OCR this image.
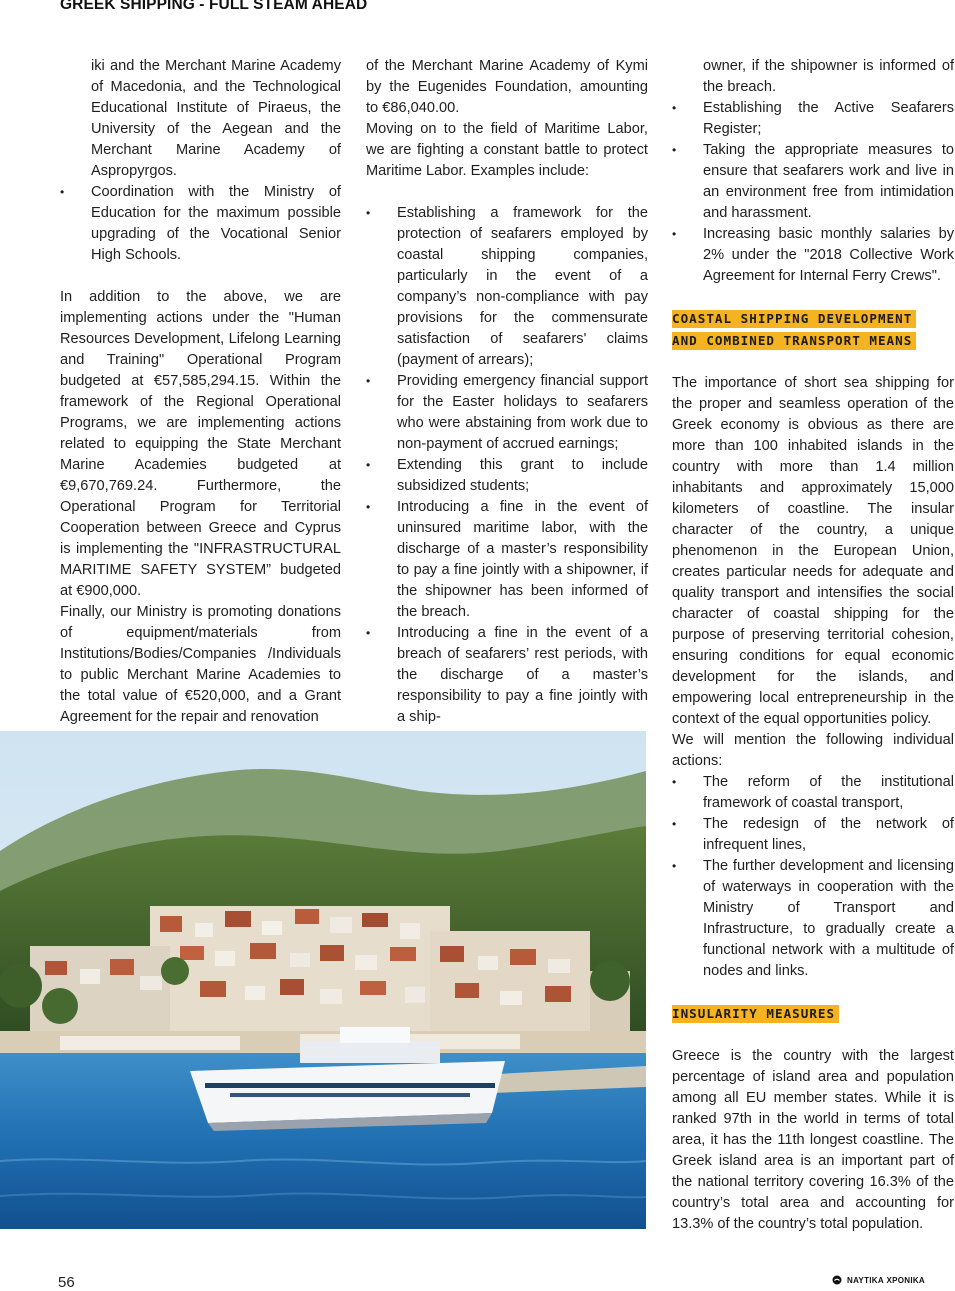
GREEK SHIPPING - FULL STEAM AHEAD

iki and the Merchant Marine Academy of Macedonia, and the Technological Educational Institute of Piraeus, the University of the Aegean and the Merchant Marine Academy of Aspropyrgos.

• Coordination with the Ministry of Education for the maximum possible upgrading of the Vocational Senior High Schools.

In addition to the above, we are implementing actions under the "Human Resources Development, Lifelong Learning and Training" Operational Program budgeted at €57,585,294.15. Within the framework of the Regional Operational Programs, we are implementing actions related to equipping the State Merchant Marine Academies budgeted at €9,670,769.24. Furthermore, the Operational Program for Territorial Cooperation between Greece and Cyprus is implementing the "INFRASTRUCTURAL MARITIME SAFETY SYSTEM” budgeted at €900,000.

Finally, our Ministry is promoting donations of equipment/materials from Institutions/Bodies/Companies /Individuals to public Merchant Marine Academies to the total value of €520,000, and a Grant Agreement for the repair and renovation

of the Merchant Marine Academy of Kymi by the Eugenides Foundation, amounting to €86,040.00.

Moving on to the field of Maritime Labor, we are fighting a constant battle to protect Maritime Labor. Examples include:

• Establishing a framework for the protection of seafarers employed by coastal shipping companies, particularly in the event of a company’s non-compliance with pay provisions for the commensurate satisfaction of seafarers' claims (payment of arrears);
• Providing emergency financial support for the Easter holidays to seafarers who were abstaining from work due to non-payment of accrued earnings;
• Extending this grant to include subsidized students;
• Introducing a fine in the event of uninsured maritime labor, with the discharge of a master’s responsibility to pay a fine jointly with a shipowner, if the shipowner has been informed of the breach.
• Introducing a fine in the event of a breach of seafarers’ rest periods, with the discharge of a master’s responsibility to pay a fine jointly with a ship-

owner, if the shipowner is informed of the breach.

• Establishing the Active Seafarers Register;
• Taking the appropriate measures to ensure that seafarers work and live in an environment free from intimidation and harassment.
• Increasing basic monthly salaries by 2% under the "2018 Collective Work Agreement for Internal Ferry Crews".
COASTAL SHIPPING DEVELOPMENT
AND COMBINED TRANSPORT MEANS

The importance of short sea shipping for the proper and seamless operation of the Greek economy is obvious as there are more than 100 inhabited islands in the country with more than 1.4 million inhabitants and approximately 15,000 kilometers of coastline. The insular character of the country, a unique phenomenon in the European Union, creates particular needs for adequate and quality transport and intensifies the social character of coastal shipping for the purpose of preserving territorial cohesion, ensuring conditions for equal economic development for the islands, and empowering local entrepreneurship in the context of the equal opportunities policy.

We will mention the following individual actions:

• The reform of the institutional framework of coastal transport,
• The redesign of the network of infrequent lines,
• The further development and licensing of waterways in cooperation with the Ministry of Transport and Infrastructure, to gradually create a functional network with a multitude of nodes and links.
INSULARITY MEASURES

Greece is the country with the largest percentage of island area and population among all EU member states. While it is ranked 97th in the world in terms of total area, it has the 11th longest coastline. The Greek island area is an important part of the national territory covering 16.3% of the country’s total area and accounting for 13.3% of the country’s total population.

56	ΝΑΥΤΙΚΑ ΧΡΟΝΙΚΑ
